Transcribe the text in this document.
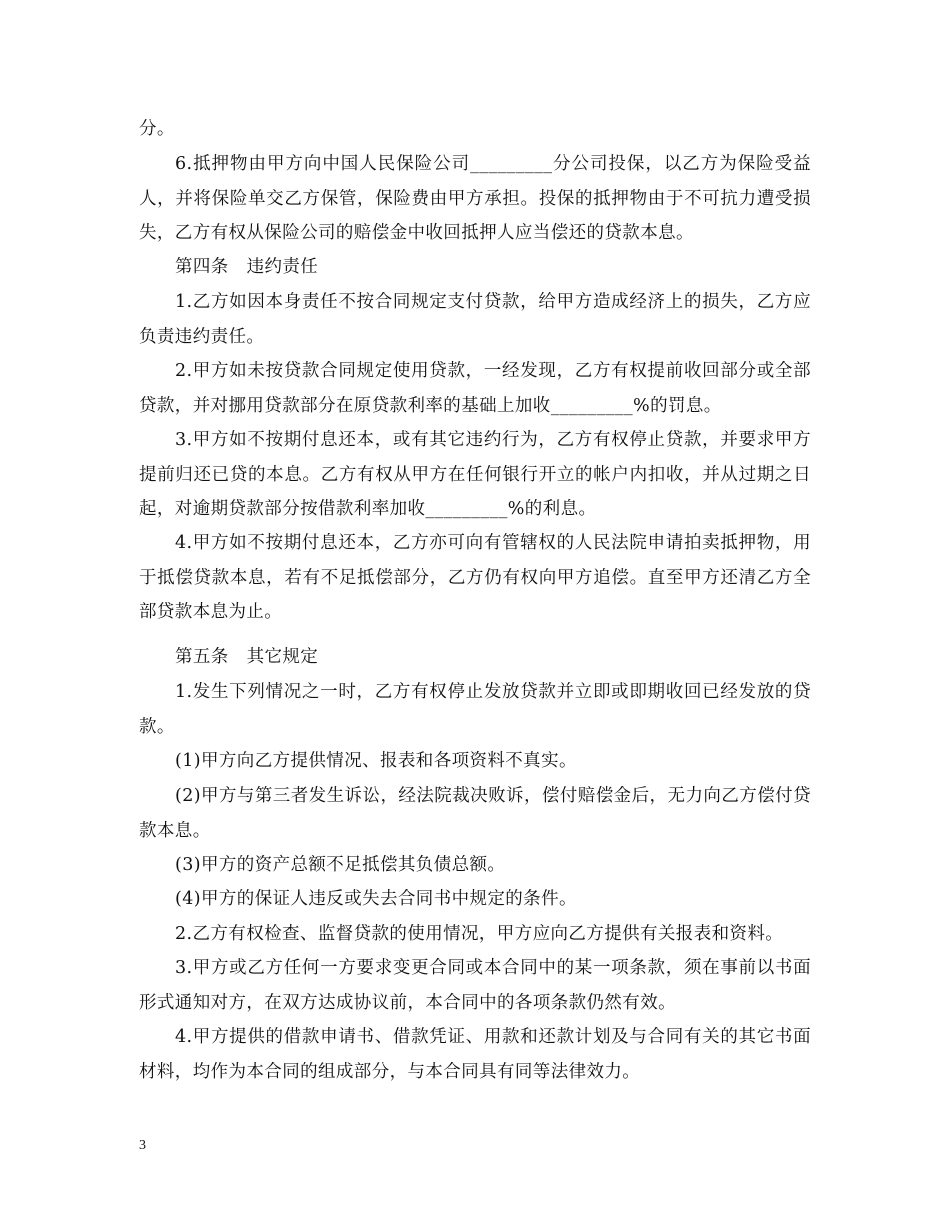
分。

6.抵押物由甲方向中国人民保险公司_________分公司投保，以乙方为保险受益人，并将保险单交乙方保管，保险费由甲方承担。投保的抵押物由于不可抗力遭受损失，乙方有权从保险公司的赔偿金中收回抵押人应当偿还的贷款本息。

第四条　违约责任

1.乙方如因本身责任不按合同规定支付贷款，给甲方造成经济上的损失，乙方应负责违约责任。

2.甲方如未按贷款合同规定使用贷款，一经发现，乙方有权提前收回部分或全部贷款，并对挪用贷款部分在原贷款利率的基础上加收_________%的罚息。

3.甲方如不按期付息还本，或有其它违约行为，乙方有权停止贷款，并要求甲方提前归还已贷的本息。乙方有权从甲方在任何银行开立的帐户内扣收，并从过期之日起，对逾期贷款部分按借款利率加收_________%的利息。

4.甲方如不按期付息还本，乙方亦可向有管辖权的人民法院申请拍卖抵押物，用于抵偿贷款本息，若有不足抵偿部分，乙方仍有权向甲方追偿。直至甲方还清乙方全部贷款本息为止。

第五条　其它规定

1.发生下列情况之一时，乙方有权停止发放贷款并立即或即期收回已经发放的贷款。

(1)甲方向乙方提供情况、报表和各项资料不真实。

(2)甲方与第三者发生诉讼，经法院裁决败诉，偿付赔偿金后，无力向乙方偿付贷款本息。

(3)甲方的资产总额不足抵偿其负债总额。

(4)甲方的保证人违反或失去合同书中规定的条件。

2.乙方有权检查、监督贷款的使用情况，甲方应向乙方提供有关报表和资料。

3.甲方或乙方任何一方要求变更合同或本合同中的某一项条款，须在事前以书面形式通知对方，在双方达成协议前，本合同中的各项条款仍然有效。

4.甲方提供的借款申请书、借款凭证、用款和还款计划及与合同有关的其它书面材料，均作为本合同的组成部分，与本合同具有同等法律效力。

3
